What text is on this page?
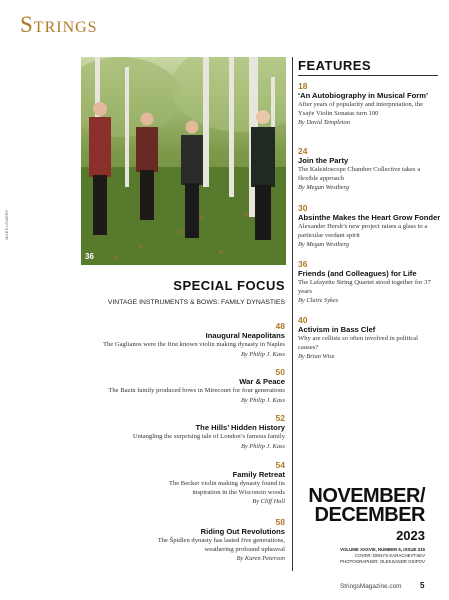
Strings
36
MILES LOWERY
FEATURES
18
‘An Autobiography in Musical Form’
After years of popularity and interpretation, the Ysaÿe Violin Sonatas turn 100
By David Templeton
24
Join the Party
The Kaleidoscope Chamber Collective takes a flexible approach
By Megan Westberg
30
Absinthe Makes the Heart Grow Fonder
Alexander Hersh’s new project raises a glass to a particular verdant spirit
By Megan Westberg
36
Friends (and Colleagues) for Life
The Lafayette String Quartet stood together for 37 years
By Claire Sykes
40
Activism in Bass Clef
Why are cellists so often involved in political causes?
By Brian Wise
SPECIAL FOCUS
VINTAGE INSTRUMENTS & BOWS: FAMILY DYNASTIES
48
Inaugural Neapolitans
The Gaglianos were the first known violin making dynasty in Naples
By Philip J. Kass
50
War & Peace
The Bazin family produced bows in Mirecourt for four generations
By Philip J. Kass
52
The Hills’ Hidden History
Untangling the surprising tale of London’s famous family
By Philip J. Kass
54
Family Retreat
The Becker violin making dynasty found its inspiration in the Wisconsin woods
By Cliff Hall
58
Riding Out Revolutions
The Špidlen dynasty has lasted five generations, weathering profound upheaval
By Karen Peterson
NOVEMBER/
DECEMBER
2023
VOLUME XXXVIII, NUMBER 6, ISSUE 315
COVER: DENYS KARACHEVTSEV
PHOTOGRAPHER: OLEKSANDR OSIPOV
StringsMagazine.com 5
